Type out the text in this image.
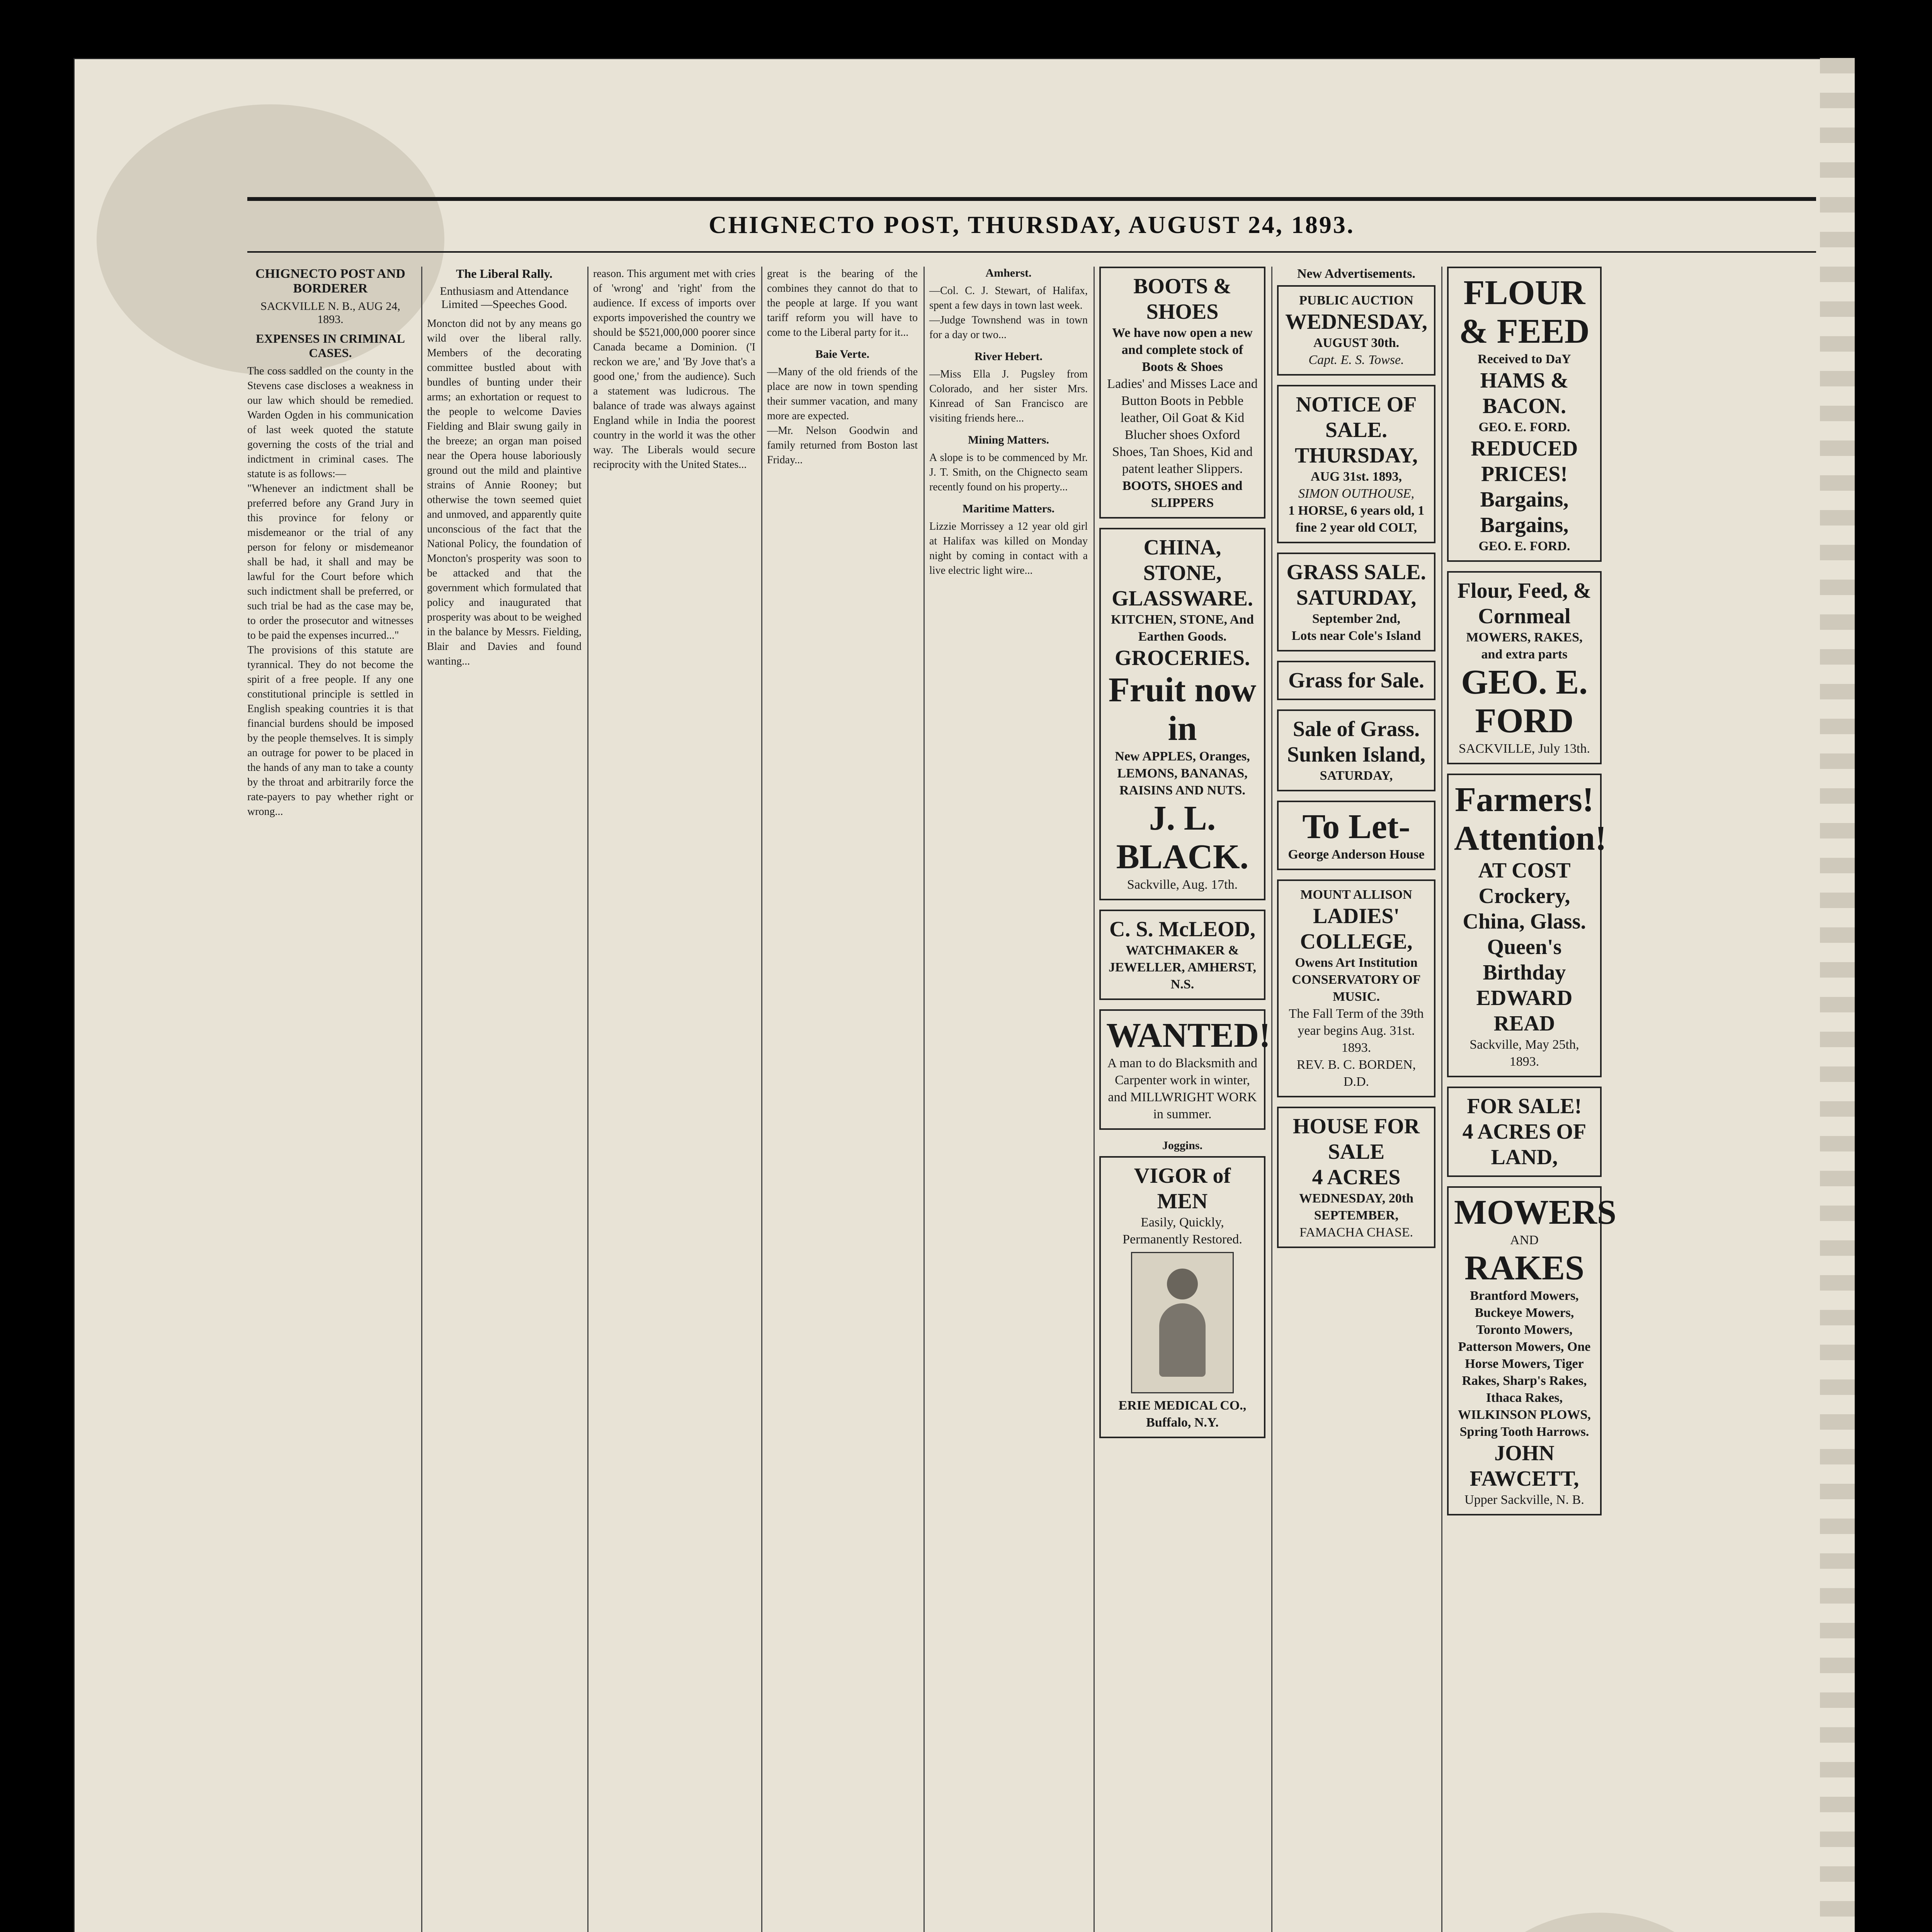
CHIGNECTO POST, THURSDAY, AUGUST 24, 1893.

CHIGNECTO POST AND BORDERER

SACKVILLE N. B., AUG 24, 1893.

EXPENSES IN CRIMINAL CASES.

The coss saddled on the county in the Stevens case discloses a weakness in our law which should be remedied. Warden Ogden in his communication of last week quoted the statute governing the costs of the trial and indictment in criminal cases. The statute is as follows:—
"Whenever an indictment shall be preferred before any Grand Jury in this province for felony or misdemeanor or the trial of any person for felony or misdemeanor shall be had, it shall and may be lawful for the Court before which such indictment shall be preferred, or such trial be had as the case may be, to order the prosecutor and witnesses to be paid the expenses incurred..."
The provisions of this statute are tyrannical. They do not become the spirit of a free people. If any one constitutional principle is settled in English speaking countries it is that financial burdens should be imposed by the people themselves. It is simply an outrage for power to be placed in the hands of any man to take a county by the throat and arbitrarily force the rate-payers to pay whether right or wrong...

The Liberal Rally.

Enthusiasm and Attendance Limited —Speeches Good.

Moncton did not by any means go wild over the liberal rally. Members of the decorating committee bustled about with bundles of bunting under their arms; an exhortation or request to the people to welcome Davies Fielding and Blair swung gaily in the breeze; an organ man poised near the Opera house laboriously ground out the mild and plaintive strains of Annie Rooney; but otherwise the town seemed quiet and unmoved, and apparently quite unconscious of the fact that the National Policy, the foundation of Moncton's prosperity was soon to be attacked and that the government which formulated that policy and inaugurated that prosperity was about to be weighed in the balance by Messrs. Fielding, Blair and Davies and found wanting...

reason. This argument met with cries of 'wrong' and 'right' from the audience. If excess of imports over exports impoverished the country we should be $521,000,000 poorer since Canada became a Dominion. ('I reckon we are,' and 'By Jove that's a good one,' from the audience). Such a statement was ludicrous. The balance of trade was always against England while in India the poorest country in the world it was the other way. The Liberals would secure reciprocity with the United States...

great is the bearing of the combines they cannot do that to the people at large. If you want tariff reform you will have to come to the Liberal party for it...

Baie Verte.

—Many of the old friends of the place are now in town spending their summer vacation, and many more are expected.
—Mr. Nelson Goodwin and family returned from Boston last Friday...

Amherst.

—Col. C. J. Stewart, of Halifax, spent a few days in town last week.
—Judge Townshend was in town for a day or two...

River Hebert.

—Miss Ella J. Pugsley from Colorado, and her sister Mrs. Kinread of San Francisco are visiting friends here...

Mining Matters.

A slope is to be commenced by Mr. J. T. Smith, on the Chignecto seam recently found on his property...

Maritime Matters.

Lizzie Morrissey a 12 year old girl at Halifax was killed on Monday night by coming in contact with a live electric light wire...

BOOTS & SHOES
We have now open a new and complete stock of Boots & Shoes
Ladies' and Misses Lace and Button Boots in Pebble leather, Oil Goat & Kid Blucher shoes Oxford Shoes, Tan Shoes, Kid and patent leather Slippers.
BOOTS, SHOES and SLIPPERS
CHINA, STONE, GLASSWARE.
KITCHEN, STONE, And Earthen Goods.
GROCERIES.
Fruit now in
New APPLES, Oranges,
LEMONS, BANANAS, RAISINS AND NUTS.
J. L. BLACK.
Sackville, Aug. 17th.
C. S. McLEOD,
WATCHMAKER & JEWELLER, AMHERST, N.S.
WANTED!
A man to do Blacksmith and Carpenter work in winter, and MILLWRIGHT WORK in summer.

Joggins.

VIGOR of MEN
Easily, Quickly, Permanently Restored.
ERIE MEDICAL CO., Buffalo, N.Y.

New Advertisements.

PUBLIC AUCTION
WEDNESDAY,
AUGUST 30th.
Capt. E. S. Towse.
NOTICE OF SALE.
THURSDAY,
AUG 31st. 1893,
SIMON OUTHOUSE,
1 HORSE, 6 years old, 1 fine 2 year old COLT,
GRASS SALE.
SATURDAY,
September 2nd,
Lots near Cole's Island
Grass for Sale.
Sale of Grass.
Sunken Island,
SATURDAY,
To Let-
George Anderson House
MOUNT ALLISON
LADIES' COLLEGE,
Owens Art Institution
CONSERVATORY OF MUSIC.
The Fall Term of the 39th year begins Aug. 31st. 1893.
REV. B. C. BORDEN, D.D.
HOUSE FOR SALE
4 ACRES
WEDNESDAY, 20th SEPTEMBER,
FAMACHA CHASE.
FLOUR & FEED
Received to DaY
HAMS & BACON.
GEO. E. FORD.
REDUCED PRICES!
Bargains, Bargains,
GEO. E. FORD.
Flour, Feed, & Cornmeal
MOWERS, RAKES, and extra parts
GEO. E. FORD
SACKVILLE, July 13th.
Farmers!
Attention!
AT COST
Crockery, China, Glass.
Queen's Birthday
EDWARD READ
Sackville, May 25th, 1893.
FOR SALE!
4 ACRES OF LAND,
MOWERS
AND
RAKES
Brantford Mowers, Buckeye Mowers, Toronto Mowers, Patterson Mowers, One Horse Mowers, Tiger Rakes, Sharp's Rakes, Ithaca Rakes, WILKINSON PLOWS, Spring Tooth Harrows.
JOHN FAWCETT,
Upper Sackville, N. B.
